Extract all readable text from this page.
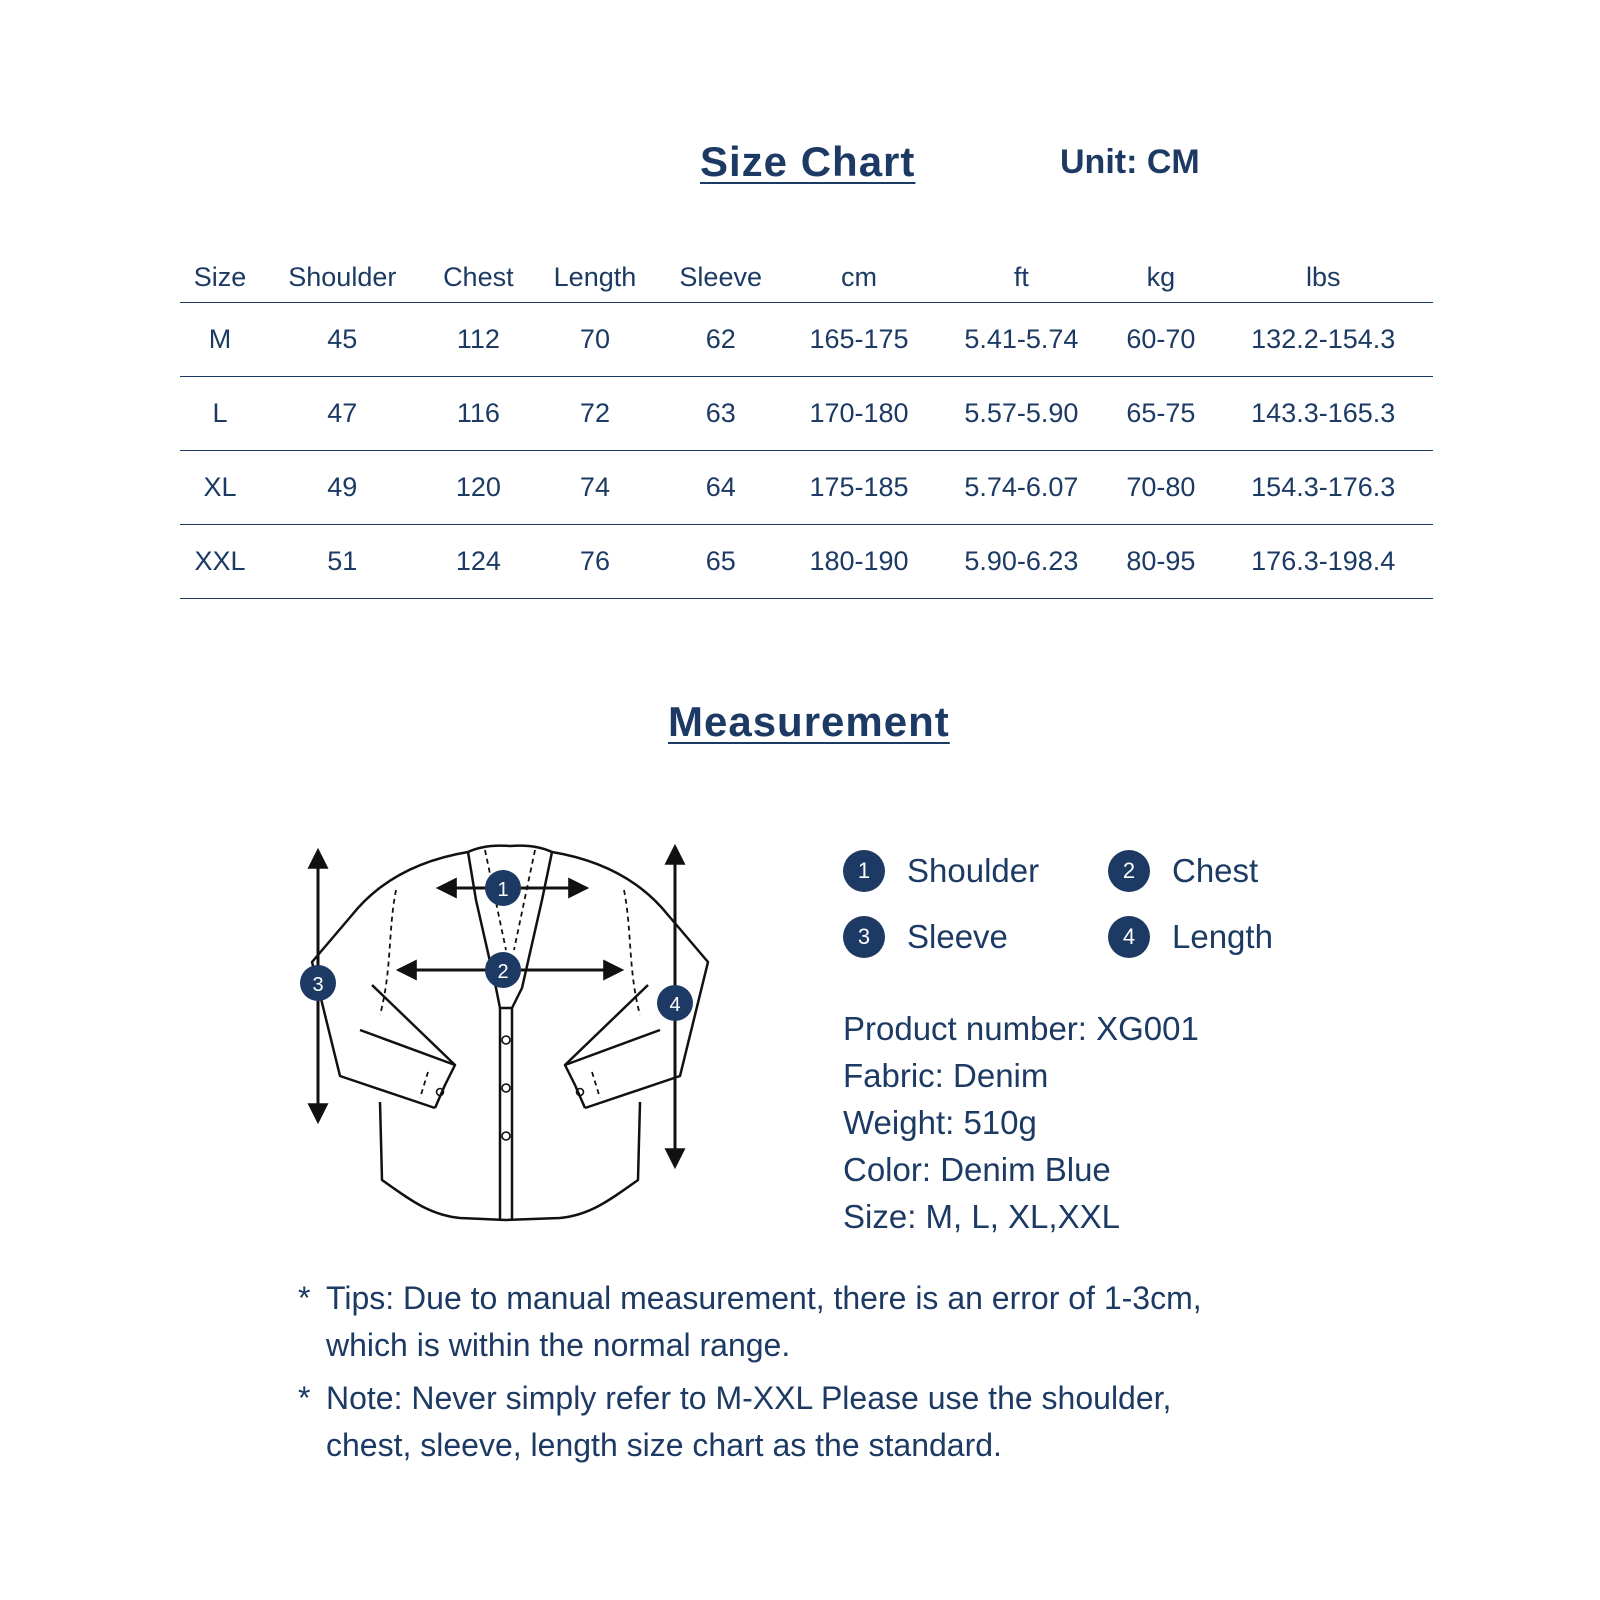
Size Chart	Unit: CM
Size	Shoulder	Chest	Length	Sleeve	cm	ft	kg	lbs
M	45	112	70	62	165-175	5.41-5.74	60-70	132.2-154.3
L	47	116	72	63	170-180	5.57-5.90	65-75	143.3-165.3
XL	49	120	74	64	175-185	5.74-6.07	70-80	154.3-176.3
XXL	51	124	76	65	180-190	5.90-6.23	80-95	176.3-198.4
Measurement
1
2
3
4
1	Shoulder	2	Chest
3	Sleeve	4	Length
Product number: XG001
Fabric: Denim
Weight: 510g
Color: Denim Blue
Size: M, L, XL,XXL
* Tips: Due to manual measurement, there is an error of 1-3cm,
which is within the normal range.
* Note: Never simply refer to M-XXL Please use the shoulder,
chest, sleeve, length size chart as the standard.
